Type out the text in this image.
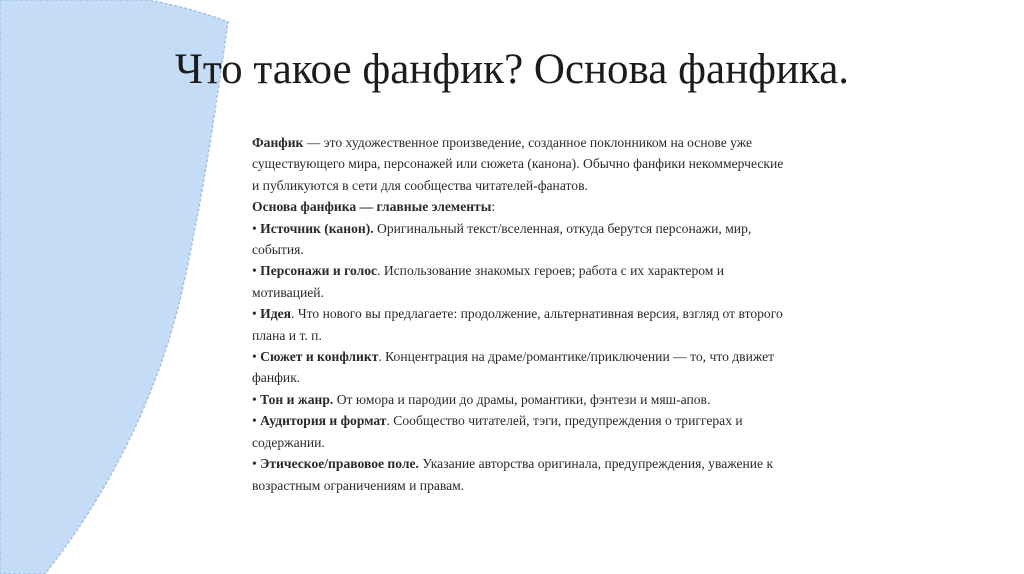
Что такое фанфик? Основа фанфика.

Фанфик — это художественное произведение, созданное поклонником на основе уже существующего мира, персонажей или сюжета (канона). Обычно фанфики некоммерческие и публикуются в сети для сообщества читателей-фанатов.

Основа фанфика — главные элементы:

• Источник (канон). Оригинальный текст/вселенная, откуда берутся персонажи, мир, события.

• Персонажи и голос. Использование знакомых героев; работа с их характером и мотивацией.

• Идея. Что нового вы предлагаете: продолжение, альтернативная версия, взгляд от второго плана и т. п.

• Сюжет и конфликт. Концентрация на драме/романтике/приключении — то, что движет фанфик.

• Тон и жанр. От юмора и пародии до драмы, романтики, фэнтези и мяш-апов.

• Аудитория и формат. Сообщество читателей, тэги, предупреждения о триггерах и содержании.

• Этическое/правовое поле. Указание авторства оригинала, предупреждения, уважение к возрастным ограничениям и правам.
